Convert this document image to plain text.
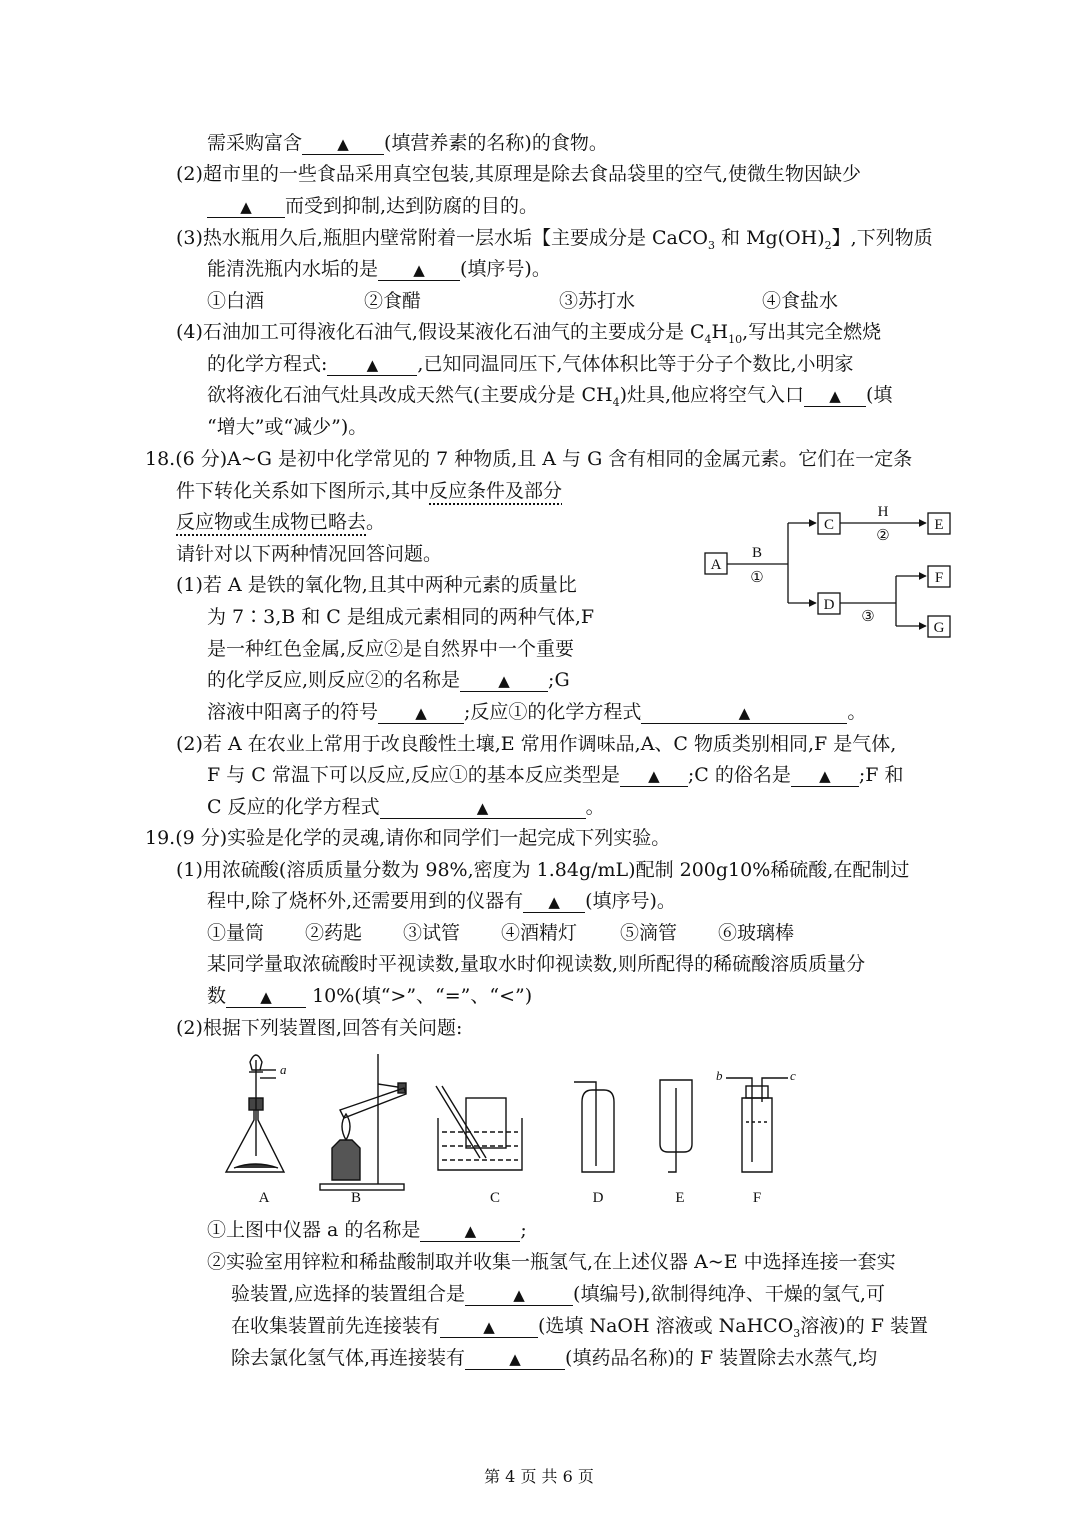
需采购富含 ▲ (填营养素的名称)的食物。
(2)超市里的一些食品采用真空包装,其原理是除去食品袋里的空气,使微生物因缺少
▲ 而受到抑制,达到防腐的目的。
(3)热水瓶用久后,瓶胆内壁常附着一层水垢【主要成分是 CaCO$_3$ 和 $Mg(OH)_2$】,下列物质
能清洗瓶内水垢的是 ▲ (填序号)。
①白酒	②食醋	③苏打水	④食盐水
(4)石油加工可得液化石油气,假设某液化石油气的主要成分是 $C_4H_{10}$,写出其完全燃烧
的化学方程式:	▲ ,已知同温同压下,气体体积比等于分子个数比,小明家
欲将液化石油气灶具改成天然气(主要成分是 $CH_4$)灶具,他应将空气入口 ▲ (填
“增大”或“减少”)。
18.(6 分)A~G 是初中化学常见的 7 种物质,且 A 与 G 含有相同的金属元素。它们在一定条
件下转化关系如下图所示,其中反应条件及部分
反应物或生成物已略去。
请针对以下两种情况回答问题。
(1)若 A 是铁的氧化物,且其中两种元素的质量比
为 7∶3,B 和 C 是组成元素相同的两种气体,F
是一种红色金属,反应②是自然界中一个重要
的化学反应,则反应②的名称是	▲ ;G
溶液中阳离子的符号 ▲ ;反应①的化学方程式	▲	。
(2)若 A 在农业上常用于改良酸性土壤,E 常用作调味品,A、C 物质类别相同,F 是气体,
F 与 C 常温下可以反应,反应①的基本反应类型是 ▲ ;C 的俗名是 ▲ ;F 和
C 反应的化学方程式	▲	。
A
C	E
D
F
G
B
①
H
②
③
19.(9 分)实验是化学的灵魂,请你和同学们一起完成下列实验。
(1)用浓硫酸(溶质质量分数为 98%,密度为 1.84g/mL)配制 200g10%稀硫酸,在配制过
程中,除了烧杯外,还需要用到的仪器有 ▲ (填序号)。
①量筒 ②药匙 ③试管 ④酒精灯 ⑤滴管 ⑥玻璃棒
某同学量取浓硫酸时平视读数,量取水时仰视读数,则所配得的稀硫酸溶质质量分
数 ▲ 10%(填“>”、“=”、“<”)
(2)根据下列装置图,回答有关问题:
a	b	c
A	B	C	D	E	F
①上图中仪器 a 的名称是	▲ ;
②实验室用锌粒和稀盐酸制取并收集一瓶氢气,在上述仪器 A~E 中选择连接一套实
验装置,应选择的装置组合是	▲	(填编号),欲制得纯净、干燥的氢气,可
在收集装置前先连接装有	▲ (选填 NaOH 溶液或 NaHCO$_3$溶液)的 F 装置
除去氯化氢气体,再连接装有	▲ (填药品名称)的 F 装置除去水蒸气,均
第 4 页 共 6 页
